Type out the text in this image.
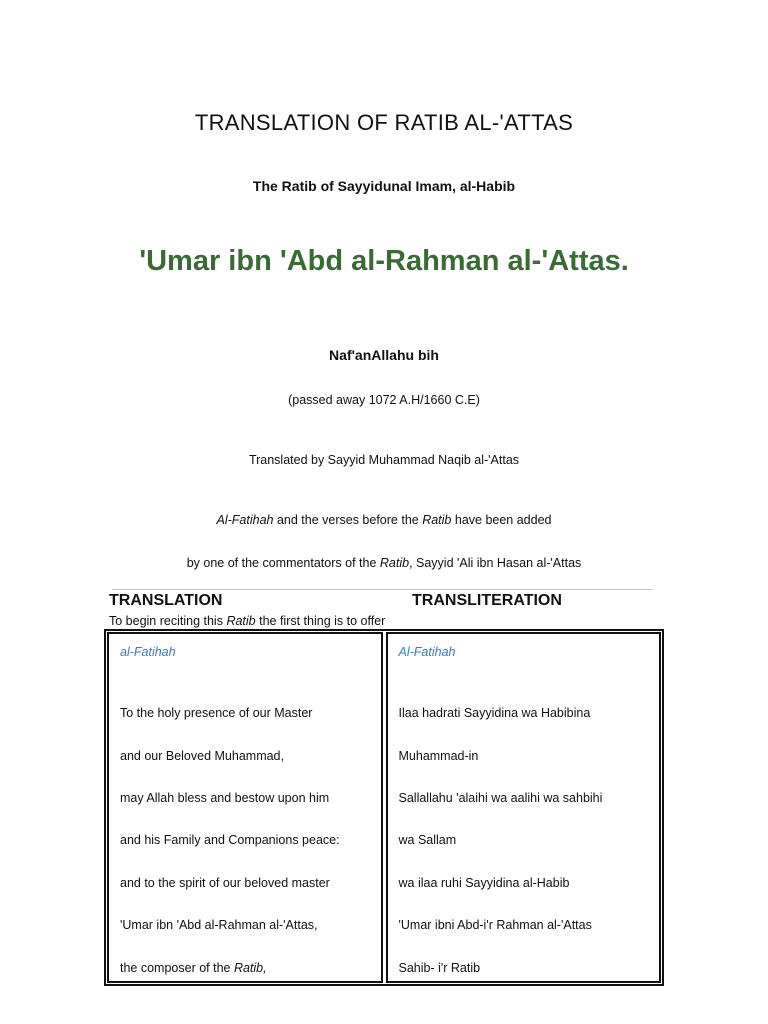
TRANSLATION OF RATIB AL-'ATTAS
The Ratib of Sayyidunal Imam, al-Habib
'Umar ibn 'Abd al-Rahman al-'Attas.
Naf'anAllahu bih
(passed away 1072 A.H/1660 C.E)
Translated by Sayyid Muhammad Naqib al-'Attas
Al-Fatihah and the verses before the Ratib have been added
by one of the commentators of the Ratib, Sayyid 'Ali ibn Hasan al-'Attas
TRANSLATION	TRANSLITERATION
To begin reciting this Ratib the first thing is to offer
al-Fatihah
To the holy presence of our Master
and our Beloved Muhammad,
may Allah bless and bestow upon him
and his Family and Companions peace:
and to the spirit of our beloved master
'Umar ibn 'Abd al-Rahman al-'Attas,
the composer of the Ratib,
Al-Fatihah
Ilaa hadrati Sayyidina wa Habibina
Muhammad-in
Sallallahu 'alaihi wa aalihi wa sahbihi
wa Sallam
wa ilaa ruhi Sayyidina al-Habib
'Umar ibni Abd-i'r Rahman al-'Attas
Sahib- i'r Ratib
